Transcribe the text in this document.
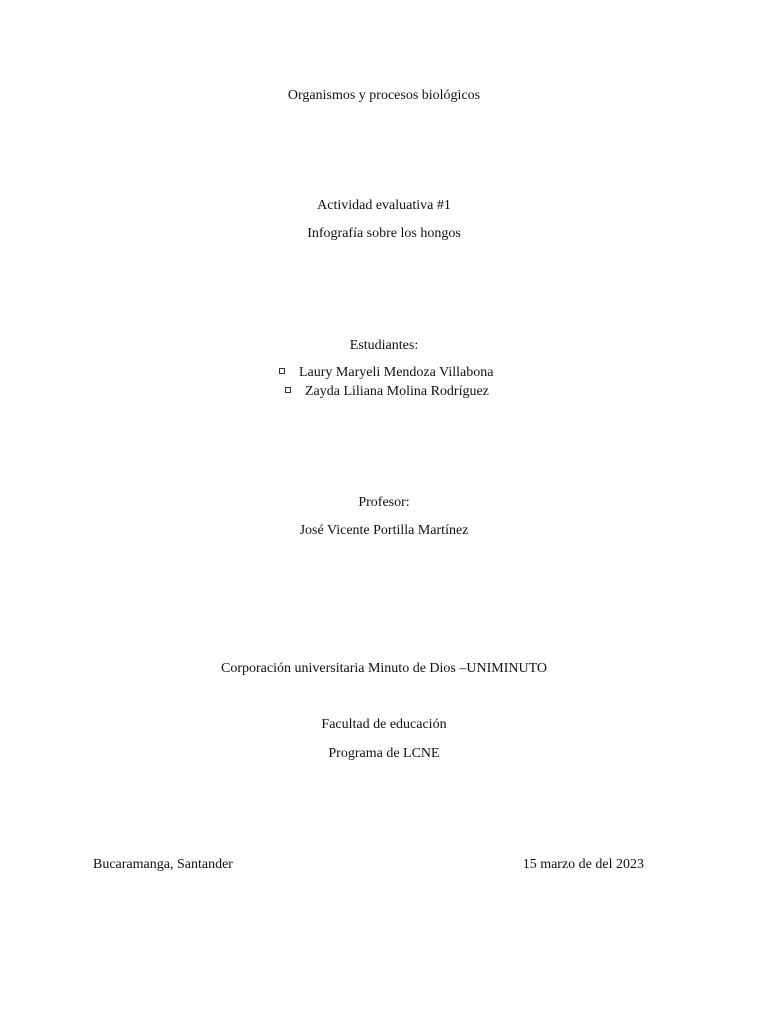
Organismos y procesos biológicos
Actividad evaluativa #1
Infografía sobre los hongos
Estudiantes:
Laury Maryeli Mendoza Villabona
Zayda Liliana Molina Rodríguez
Profesor:
José Vicente Portilla Martínez
Corporación universitaria Minuto de Dios –UNIMINUTO
Facultad de educación
Programa de LCNE
Bucaramanga, Santander	15 marzo de del 2023
